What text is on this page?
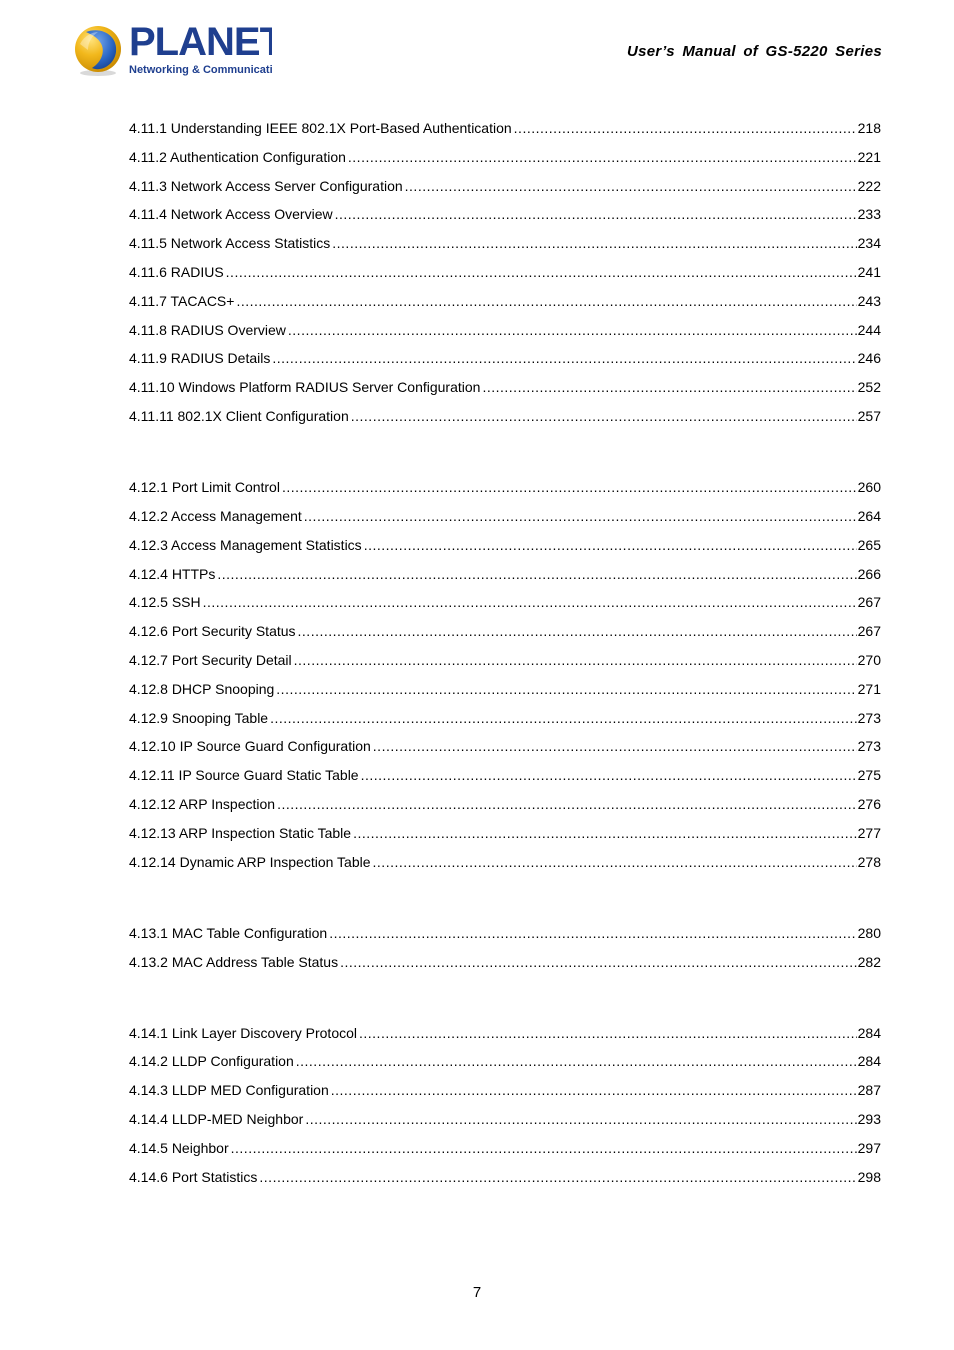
PLANET
Networking & Communication
User’s Manual of GS-5220 Series
4.11.1 Understanding IEEE 802.1X Port-Based Authentication .....	218
4.11.2 Authentication Configuration .....	221
4.11.3 Network Access Server Configuration .....	222
4.11.4 Network Access Overview .....	233
4.11.5 Network Access Statistics .....	234
4.11.6 RADIUS .....	241
4.11.7 TACACS+ .....	243
4.11.8 RADIUS Overview .....	244
4.11.9 RADIUS Details .....	246
4.11.10 Windows Platform RADIUS Server Configuration .....	252
4.11.11 802.1X Client Configuration .....	257
4.12.1 Port Limit Control .....	260
4.12.2 Access Management .....	264
4.12.3 Access Management Statistics .....	265
4.12.4 HTTPs .....	266
4.12.5 SSH .....	267
4.12.6 Port Security Status .....	267
4.12.7 Port Security Detail .....	270
4.12.8 DHCP Snooping .....	271
4.12.9 Snooping Table .....	273
4.12.10 IP Source Guard Configuration .....	273
4.12.11 IP Source Guard Static Table .....	275
4.12.12 ARP Inspection .....	276
4.12.13 ARP Inspection Static Table .....	277
4.12.14 Dynamic ARP Inspection Table .....	278
4.13.1 MAC Table Configuration .....	280
4.13.2 MAC Address Table Status .....	282
4.14.1 Link Layer Discovery Protocol .....	284
4.14.2 LLDP Configuration .....	284
4.14.3 LLDP MED Configuration .....	287
4.14.4 LLDP-MED Neighbor .....	293
4.14.5 Neighbor .....	297
4.14.6 Port Statistics .....	298
7
